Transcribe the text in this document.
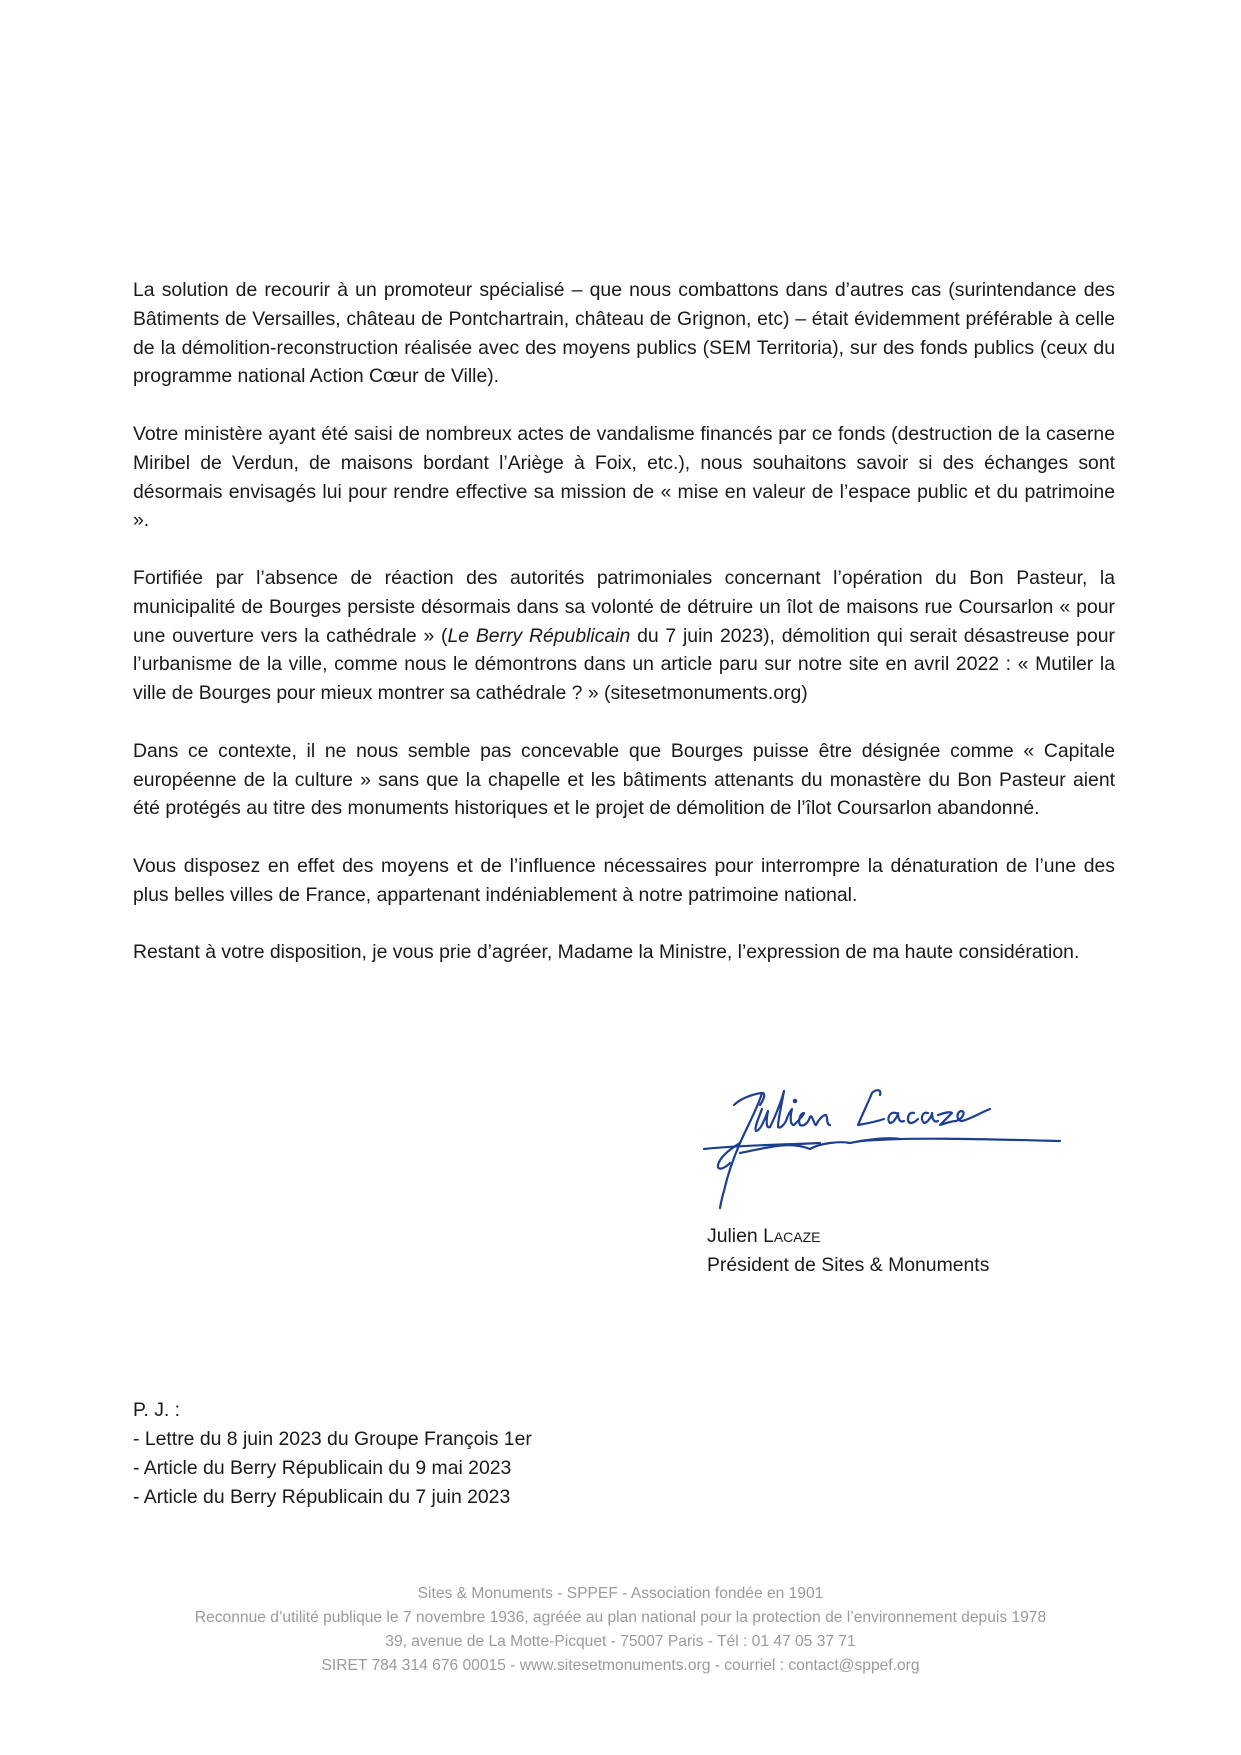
La solution de recourir à un promoteur spécialisé – que nous combattons dans d’autres cas (surintendance des Bâtiments de Versailles, château de Pontchartrain, château de Grignon, etc) – était évidemment préférable à celle de la démolition-reconstruction réalisée avec des moyens publics (SEM Territoria), sur des fonds publics (ceux du programme national Action Cœur de Ville).

Votre ministère ayant été saisi de nombreux actes de vandalisme financés par ce fonds (destruction de la caserne Miribel de Verdun, de maisons bordant l’Ariège à Foix, etc.), nous souhaitons savoir si des échanges sont désormais envisagés lui pour rendre effective sa mission de « mise en valeur de l’espace public et du patrimoine ».

Fortifiée par l’absence de réaction des autorités patrimoniales concernant l’opération du Bon Pasteur, la municipalité de Bourges persiste désormais dans sa volonté de détruire un îlot de maisons rue Coursarlon « pour une ouverture vers la cathédrale » (Le Berry Républicain du 7 juin 2023), démolition qui serait désastreuse pour l’urbanisme de la ville, comme nous le démontrons dans un article paru sur notre site en avril 2022 : « Mutiler la ville de Bourges pour mieux montrer sa cathédrale ? » (sitesetmonuments.org)

Dans ce contexte, il ne nous semble pas concevable que Bourges puisse être désignée comme « Capitale européenne de la culture » sans que la chapelle et les bâtiments attenants du monastère du Bon Pasteur aient été protégés au titre des monuments historiques et le projet de démolition de l’îlot Coursarlon abandonné.

Vous disposez en effet des moyens et de l’influence nécessaires pour interrompre la dénaturation de l’une des plus belles villes de France, appartenant indéniablement à notre patrimoine national.

Restant à votre disposition, je vous prie d’agréer, Madame la Ministre, l’expression de ma haute considération.

Julien Lacaze
Président de Sites & Monuments
P. J. :
- Lettre du 8 juin 2023 du Groupe François 1er
- Article du Berry Républicain du 9 mai 2023
- Article du Berry Républicain du 7 juin 2023
Sites & Monuments - SPPEF - Association fondée en 1901
Reconnue d’utilité publique le 7 novembre 1936, agréée au plan national pour la protection de l’environnement depuis 1978
39, avenue de La Motte-Picquet - 75007 Paris - Tél : 01 47 05 37 71
SIRET 784 314 676 00015 - www.sitesetmonuments.org - courriel : contact@sppef.org
